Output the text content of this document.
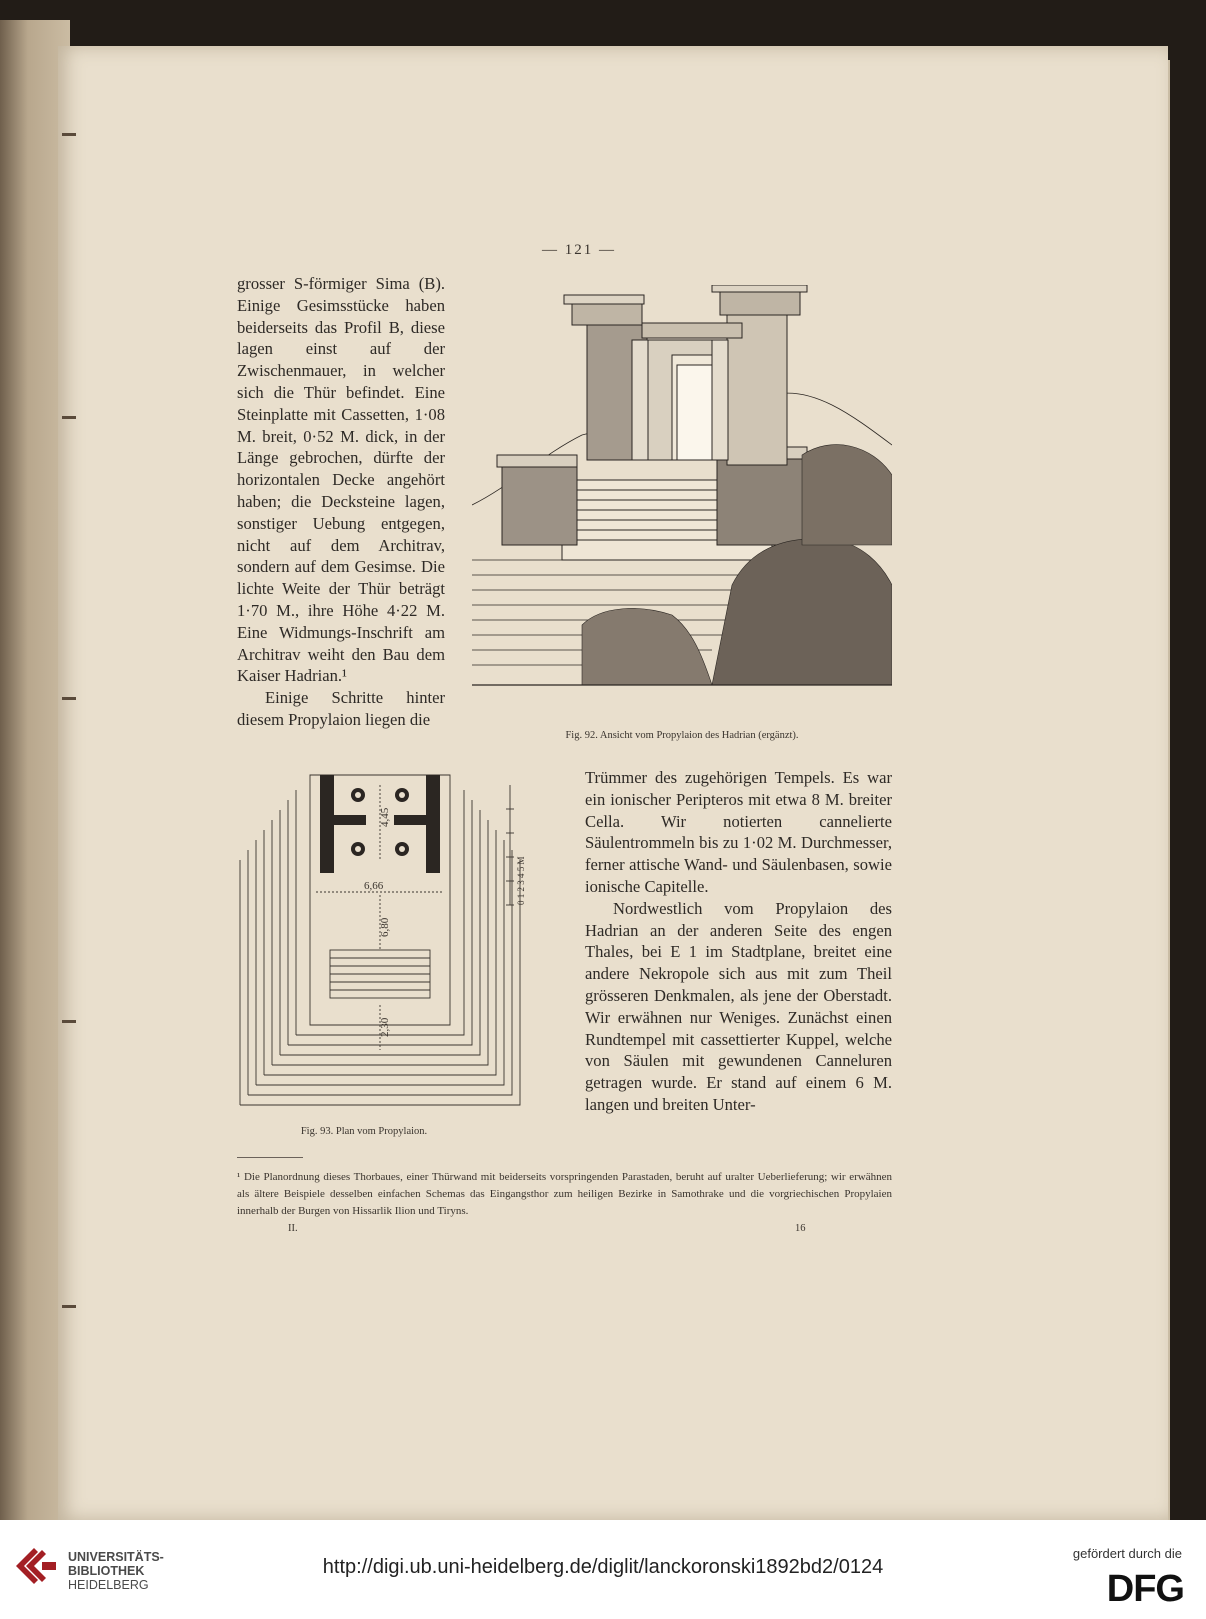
— 121 —

grosser S-förmiger Sima (B). Einige Gesimsstücke haben beiderseits das Profil B, diese lagen einst auf der Zwischenmauer, in welcher sich die Thür befindet. Eine Steinplatte mit Cassetten, 1·08 M. breit, 0·52 M. dick, in der Länge gebrochen, dürfte der horizontalen Decke angehört haben; die Decksteine lagen, sonstiger Uebung entgegen, nicht auf dem Architrav, sondern auf dem Gesimse. Die lichte Weite der Thür beträgt 1·70 M., ihre Höhe 4·22 M. Eine Widmungs-Inschrift am Architrav weiht den Bau dem Kaiser Hadrian.¹

Einige Schritte hinter diesem Propylaion liegen die

Fig. 92. Ansicht vom Propylaion des Hadrian (ergänzt).
4,45
6,66
6,80
2,30
0 1 2 3 4 5 M
Fig. 93. Plan vom Propylaion.

Trümmer des zugehörigen Tempels. Es war ein ionischer Peripteros mit etwa 8 M. breiter Cella. Wir notierten cannelierte Säulentrommeln bis zu 1·02 M. Durchmesser, ferner attische Wand- und Säulenbasen, sowie ionische Capitelle.

Nordwestlich vom Propylaion des Hadrian an der anderen Seite des engen Thales, bei E 1 im Stadtplane, breitet eine andere Nekropole sich aus mit zum Theil grösseren Denkmalen, als jene der Oberstadt. Wir erwähnen nur Weniges. Zunächst einen Rundtempel mit cassettierter Kuppel, welche von Säulen mit gewundenen Canneluren getragen wurde. Er stand auf einem 6 M. langen und breiten Unter-

¹ Die Planordnung dieses Thorbaues, einer Thürwand mit beiderseits vorspringenden Parastaden, beruht auf uralter Ueberlieferung; wir erwähnen als ältere Beispiele desselben einfachen Schemas das Eingangsthor zum heiligen Bezirke in Samothrake und die vorgriechischen Propylaien innerhalb der Burgen von Hissarlik Ilion und Tiryns.
II.	16
UNIVERSITÄTS-
BIBLIOTHEK
HEIDELBERG
http://digi.ub.uni-heidelberg.de/diglit/lanckoronski1892bd2/0124
gefördert durch die
DFG
